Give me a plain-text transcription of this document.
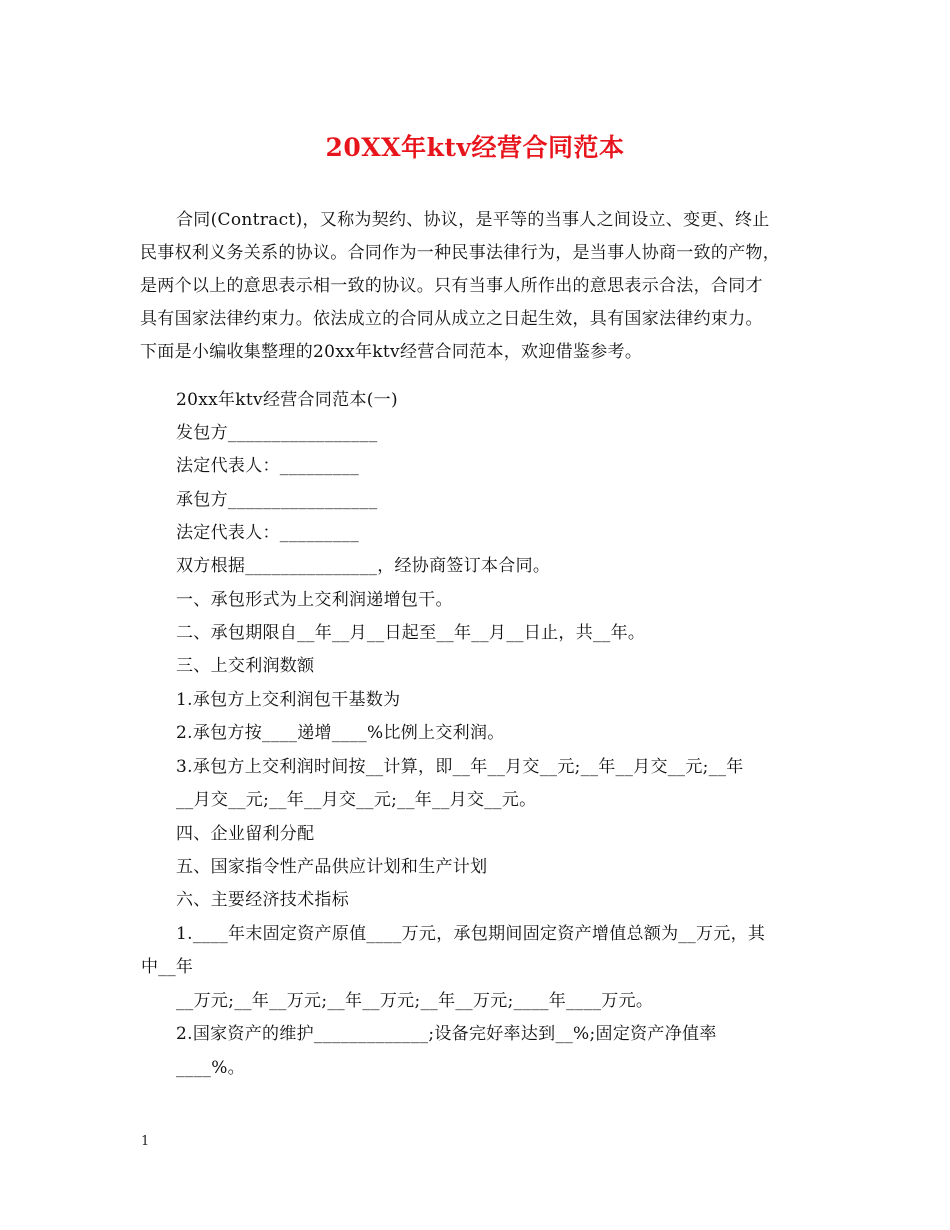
20XX年ktv经营合同范本
合同(Contract)，又称为契约、协议，是平等的当事人之间设立、变更、终止
民事权利义务关系的协议。合同作为一种民事法律行为，是当事人协商一致的产物，
是两个以上的意思表示相一致的协议。只有当事人所作出的意思表示合法，合同才
具有国家法律约束力。依法成立的合同从成立之日起生效，具有国家法律约束力。
下面是小编收集整理的20xx年ktv经营合同范本，欢迎借鉴参考。
20xx年ktv经营合同范本(一)
发包方_________________
法定代表人：_________
承包方_________________
法定代表人：_________
双方根据_______________，经协商签订本合同。
一、承包形式为上交利润递增包干。
二、承包期限自__年__月__日起至__年__月__日止，共__年。
三、上交利润数额
1.承包方上交利润包干基数为
2.承包方按____递增____%比例上交利润。
3.承包方上交利润时间按__计算，即__年__月交__元;__年__月交__元;__年
__月交__元;__年__月交__元;__年__月交__元。
四、企业留利分配
五、国家指令性产品供应计划和生产计划
六、主要经济技术指标
1.____年末固定资产原值____万元，承包期间固定资产增值总额为__万元，其
中__年
__万元;__年__万元;__年__万元;__年__万元;____年____万元。
2.国家资产的维护_____________;设备完好率达到__%;固定资产净值率
____%。
1
